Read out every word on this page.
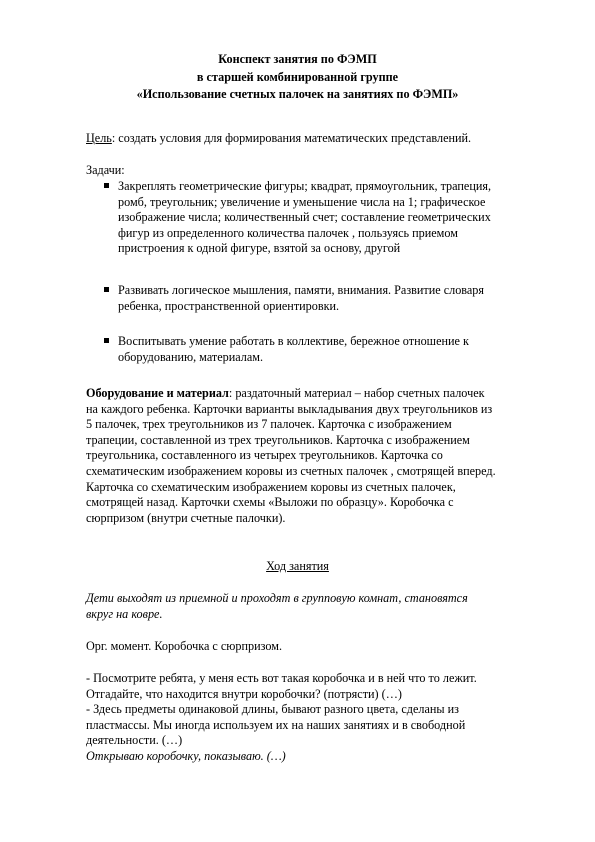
Конспект занятия по ФЭМП
в старшей комбинированной группе
«Использование счетных палочек на занятиях по ФЭМП»
Цель: создать условия для формирования математических представлений.
Задачи:
Закреплять геометрические фигуры; квадрат, прямоугольник, трапеция,
ромб, треугольник; увеличение и уменьшение числа на 1; графическое
изображение числа; количественный счет; составление геометрических
фигур из определенного количества палочек , пользуясь приемом
пристроения к одной фигуре, взятой за основу, другой
Развивать логическое мышления, памяти, внимания. Развитие словаря
ребенка, пространственной ориентировки.
Воспитывать умение работать в коллективе, бережное отношение к
оборудованию, материалам.
Оборудование и материал: раздаточный материал – набор счетных палочек
на каждого ребенка. Карточки варианты выкладывания двух треугольников из
5 палочек, трех треугольников из 7 палочек. Карточка с изображением
трапеции, составленной из трех треугольников. Карточка с изображением
треугольника, составленного из четырех треугольников. Карточка со
схематическим изображением коровы из счетных палочек , смотрящей вперед.
Карточка со схематическим изображением коровы из счетных палочек,
смотрящей назад. Карточки схемы «Выложи по образцу». Коробочка с
сюрпризом (внутри счетные палочки).
Ход занятия
Дети выходят из приемной и проходят в групповую комнат, становятся
вкруг на ковре.
Орг. момент. Коробочка с сюрпризом.
- Посмотрите ребята, у меня есть вот такая коробочка и в ней что то лежит.
Отгадайте, что находится внутри коробочки? (потрясти) (…)
- Здесь предметы одинаковой длины, бывают разного цвета, сделаны из
пластмассы. Мы иногда используем их на наших занятиях и в свободной
деятельности. (…)
Открываю коробочку, показываю. (…)
